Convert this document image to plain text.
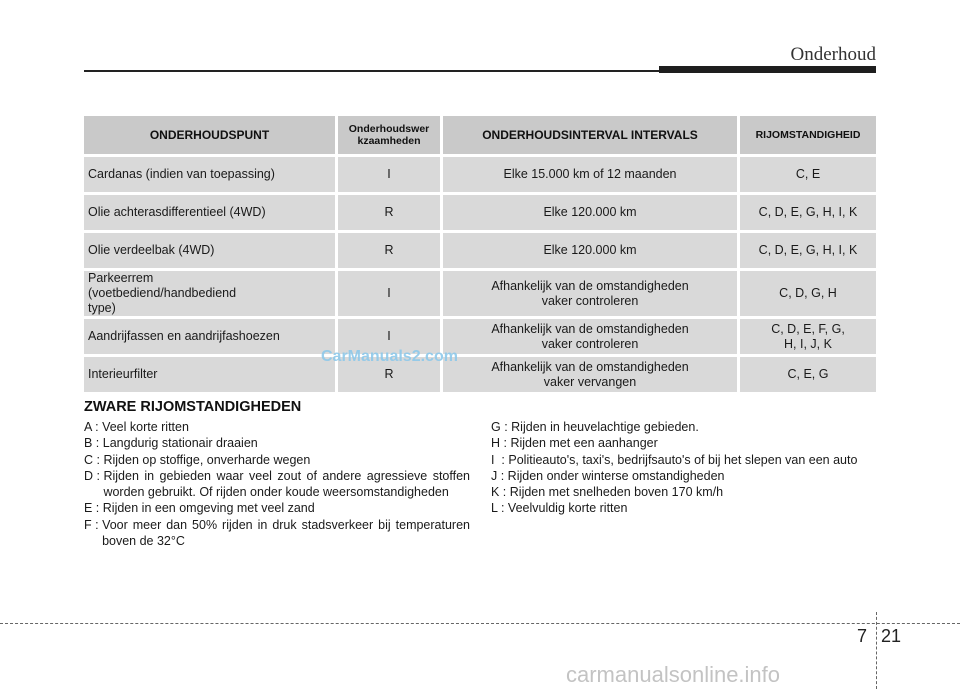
Onderhoud
ONDERHOUDSPUNT	Onderhoudswer kzaamheden	ONDERHOUDSINTERVAL INTERVALS	RIJOMSTANDIGHEID
Cardanas (indien van toepassing)	I	Elke 15.000 km of 12 maanden	C, E
Olie achterasdifferentieel (4WD)	R	Elke 120.000 km	C, D, E, G, H, I, K
Olie verdeelbak (4WD)	R	Elke 120.000 km	C, D, E, G, H, I, K
Parkeerrem (voetbediend/handbediend type)	I	Afhankelijk van de omstandigheden vaker controleren	C, D, G, H
Aandrijfassen en aandrijfashoezen	I	Afhankelijk van de omstandigheden vaker controleren	C, D, E, F, G, H, I, J, K
Interieurfilter	R	Afhankelijk van de omstandigheden vaker vervangen	C, E, G
CarManuals2.com
ZWARE RIJOMSTANDIGHEDEN
A : Veel korte ritten
B : Langdurig stationair draaien
C : Rijden op stoffige, onverharde wegen
D : Rijden in gebieden waar veel zout of andere agressieve stoffen worden gebruikt. Of rijden onder koude weersomstandigheden
E : Rijden in een omgeving met veel zand
F : Voor meer dan 50% rijden in druk stadsverkeer bij temperaturen boven de 32°C
G : Rijden in heuvelachtige gebieden.
H : Rijden met een aanhanger
I  : Politieauto's, taxi's, bedrijfsauto's of bij het slepen van een auto
J : Rijden onder winterse omstandigheden
K : Rijden met snelheden boven 170 km/h
L : Veelvuldig korte ritten
7 21
carmanualsonline.info
